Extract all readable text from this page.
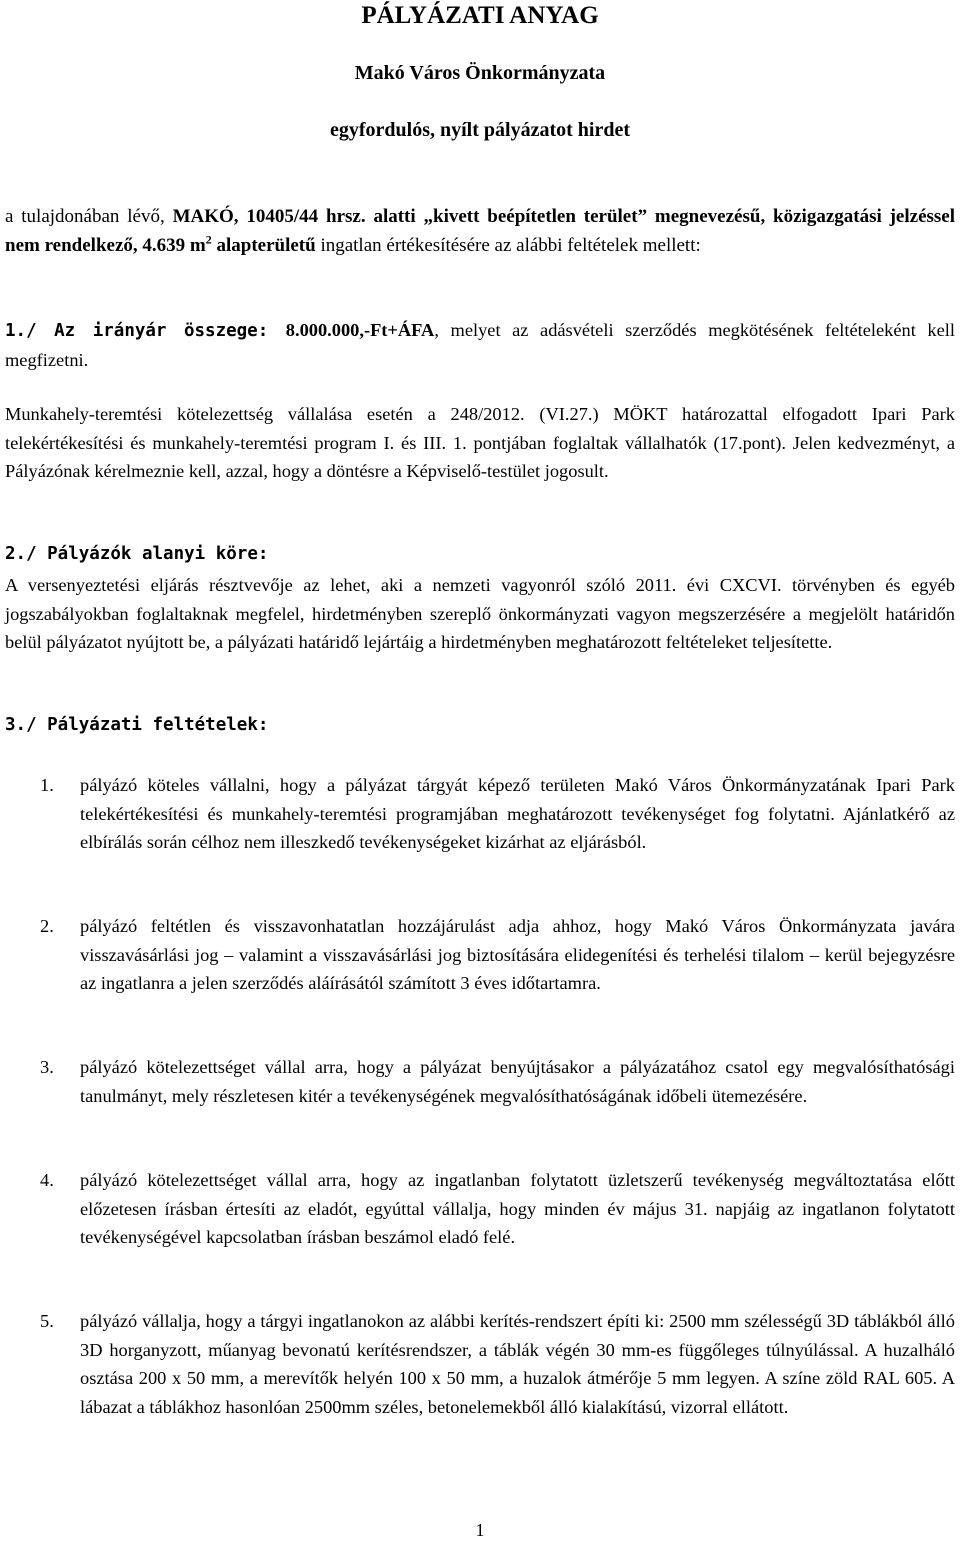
PÁLYÁZATI ANYAG
Makó Város Önkormányzata
egyfordulós, nyílt pályázatot hirdet
a tulajdonában lévő, MAKÓ, 10405/44 hrsz. alatti „kivett beépítetlen terület” megnevezésű, közigazgatási jelzéssel nem rendelkező, 4.639 $m^2$ alapterületű ingatlan értékesítésére az alábbi feltételek mellett:
1./ Az irányár összege: 8.000.000,-Ft+ÁFA, melyet az adásvételi szerződés megkötésének feltételeként kell megfizetni.
Munkahely-teremtési kötelezettség vállalása esetén a 248/2012. (VI.27.) MÖKT határozattal elfogadott Ipari Park telekértékesítési és munkahely-teremtési program I. és III. 1. pontjában foglaltak vállalhatók (17.pont). Jelen kedvezményt, a Pályázónak kérelmeznie kell, azzal, hogy a döntésre a Képviselő-testület jogosult.
2./ Pályázók alanyi köre:
A versenyeztetési eljárás résztvevője az lehet, aki a nemzeti vagyonról szóló 2011. évi CXCVI. törvényben és egyéb jogszabályokban foglaltaknak megfelel, hirdetményben szereplő önkormányzati vagyon megszerzésére a megjelölt határidőn belül pályázatot nyújtott be, a pályázati határidő lejártáig a hirdetményben meghatározott feltételeket teljesítette.
3./ Pályázati feltételek:
1.	pályázó köteles vállalni, hogy a pályázat tárgyát képező területen Makó Város Önkormányzatának Ipari Park telekértékesítési és munkahely-teremtési programjában meghatározott tevékenységet fog folytatni. Ajánlatkérő az elbírálás során célhoz nem illeszkedő tevékenységeket kizárhat az eljárásból.
2.	pályázó feltétlen és visszavonhatatlan hozzájárulást adja ahhoz, hogy Makó Város Önkormányzata javára visszavásárlási jog – valamint a visszavásárlási jog biztosítására elidegenítési és terhelési tilalom – kerül bejegyzésre az ingatlanra a jelen szerződés aláírásától számított 3 éves időtartamra.
3.	pályázó kötelezettséget vállal arra, hogy a pályázat benyújtásakor a pályázatához csatol egy megvalósíthatósági tanulmányt, mely részletesen kitér a tevékenységének megvalósíthatóságának időbeli ütemezésére.
4.	pályázó kötelezettséget vállal arra, hogy az ingatlanban folytatott üzletszerű tevékenység megváltoztatása előtt előzetesen írásban értesíti az eladót, egyúttal vállalja, hogy minden év május 31. napjáig az ingatlanon folytatott tevékenységével kapcsolatban írásban beszámol eladó felé.
5.	pályázó vállalja, hogy a tárgyi ingatlanokon az alábbi kerítés-rendszert építi ki: 2500 mm szélességű 3D táblákból álló 3D horganyzott, műanyag bevonatú kerítésrendszer, a táblák végén 30 mm-es függőleges túlnyúlással. A huzalháló osztása 200 x 50 mm, a merevítők helyén 100 x 50 mm, a huzalok átmérője 5 mm legyen. A színe zöld RAL 605. A lábazat a táblákhoz hasonlóan 2500mm széles, betonelemekből álló kialakítású, vizorral ellátott.
1
